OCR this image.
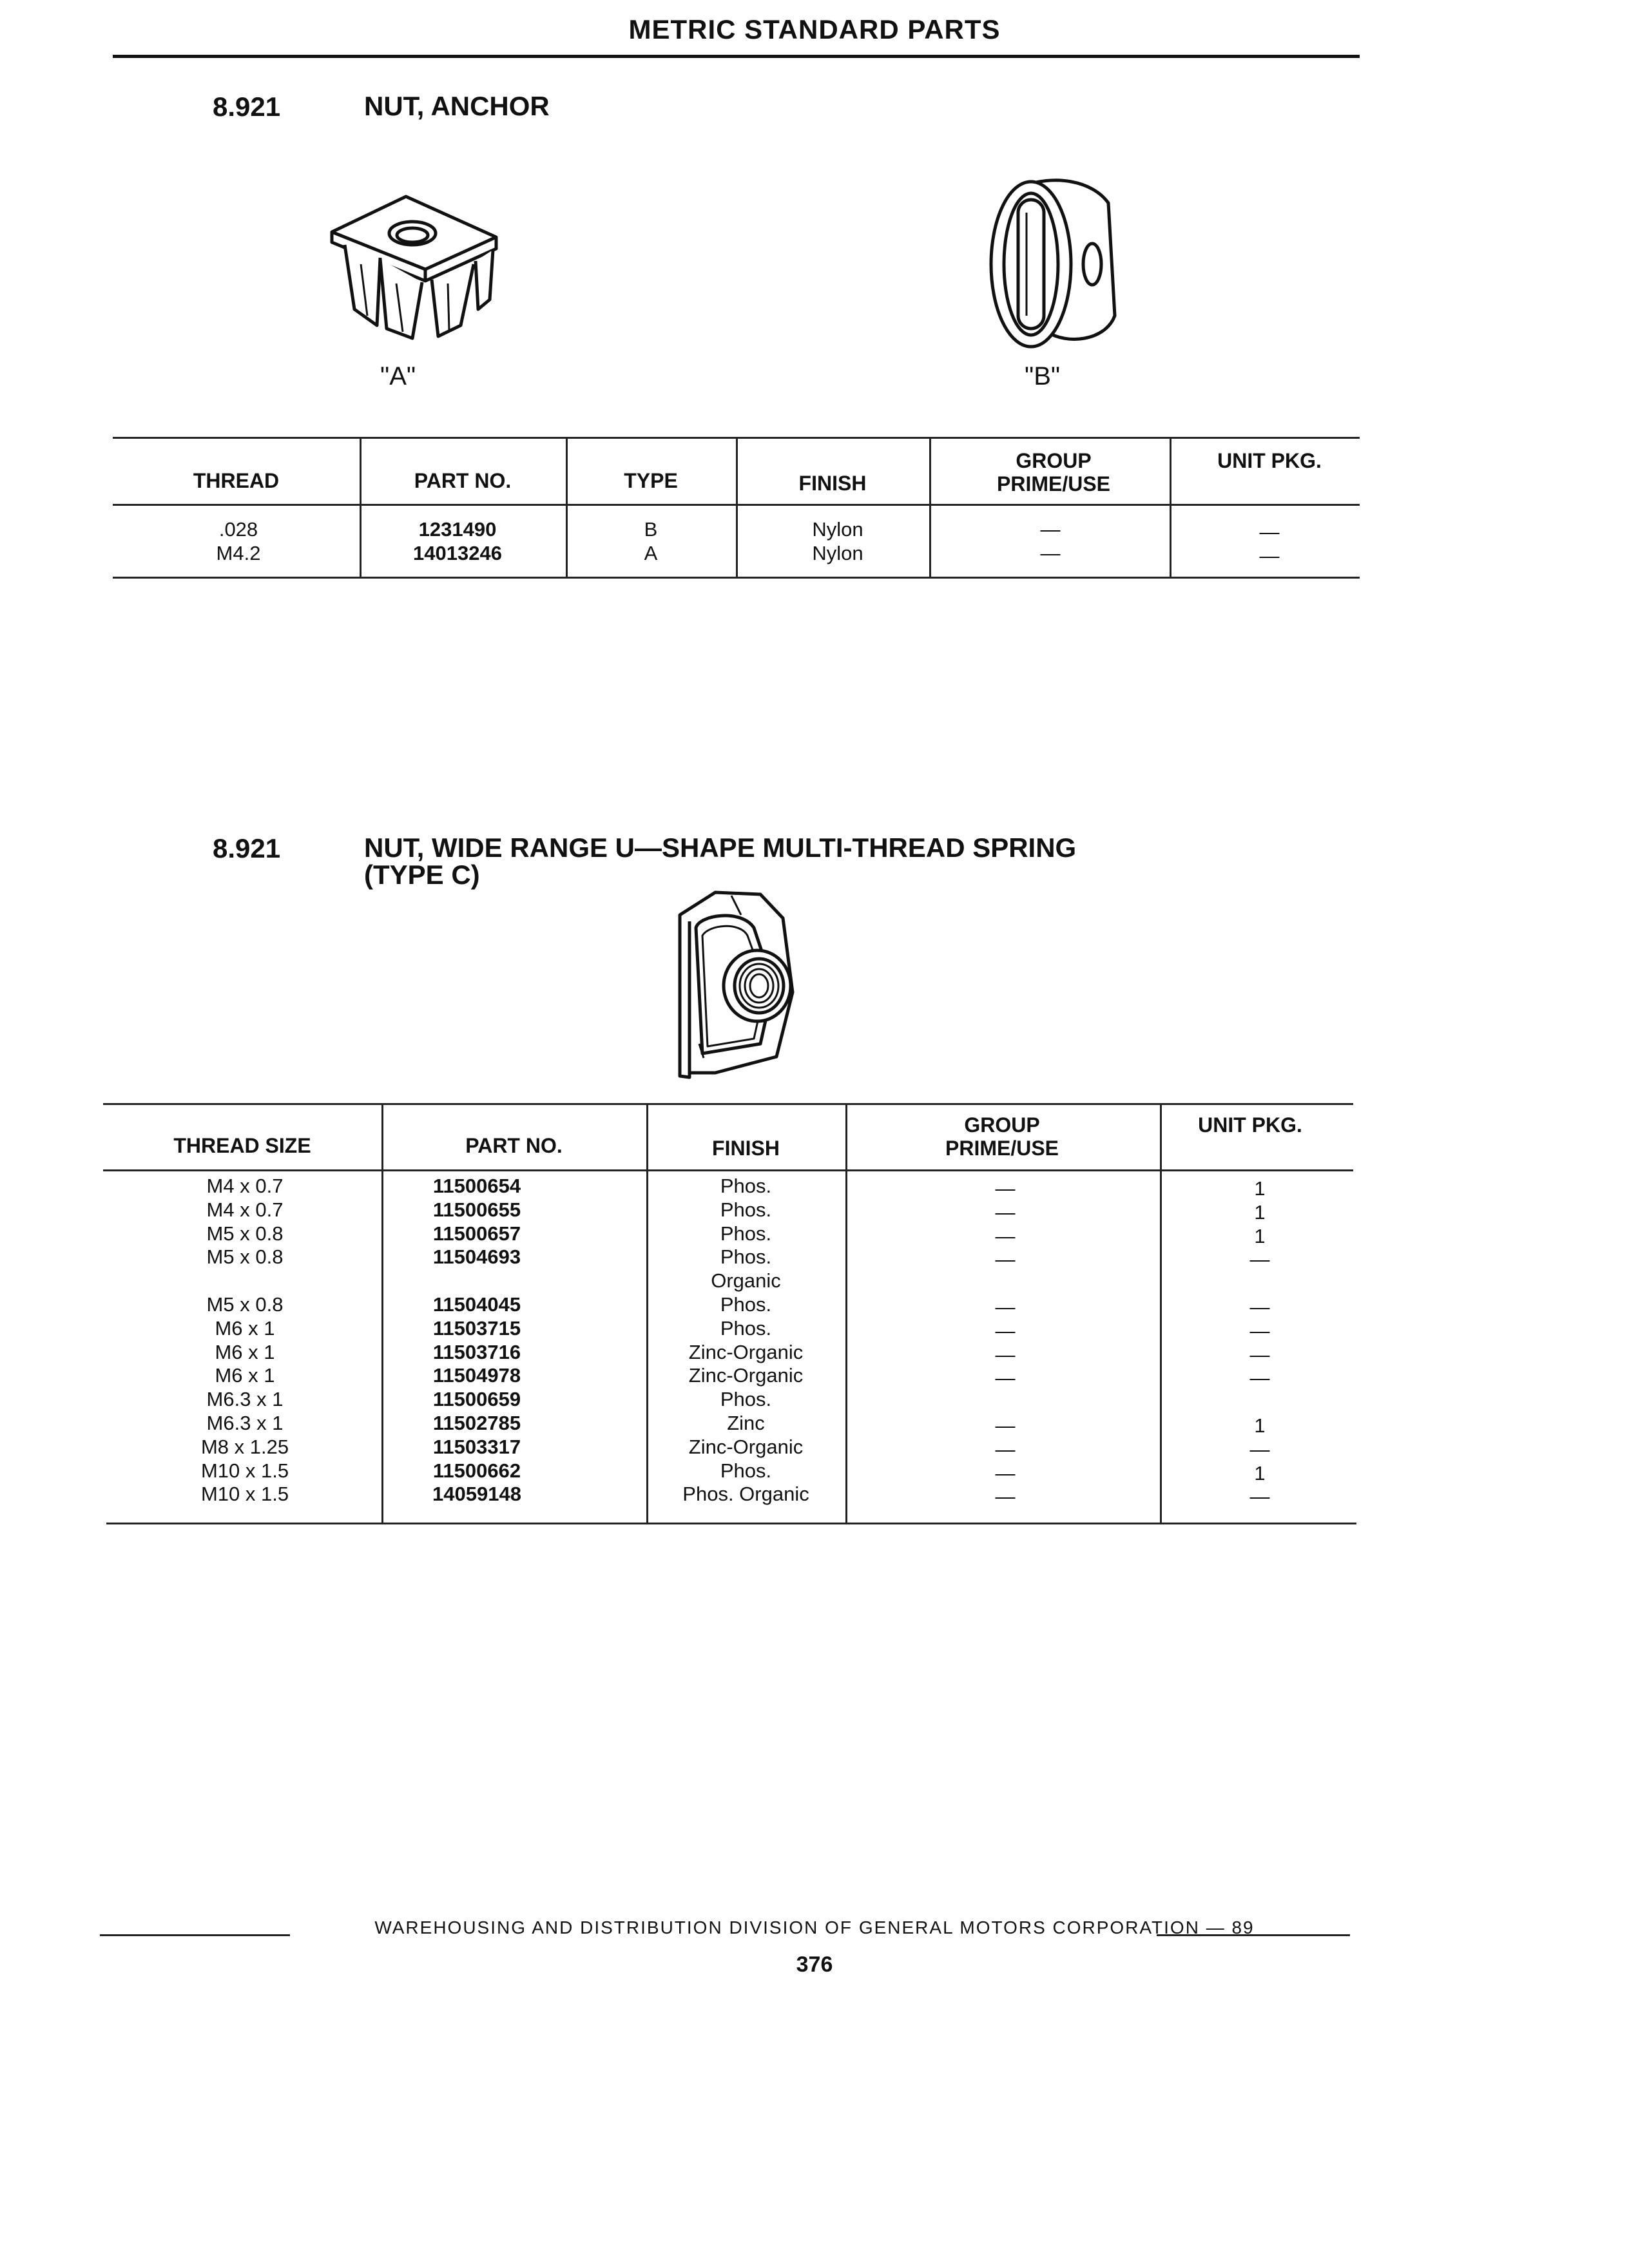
METRIC STANDARD PARTS
8.921	NUT, ANCHOR
"A"	"B"
THREAD	PART NO.	TYPE	FINISH
GROUP PRIME/USE
UNIT PKG.
.028	1231490	B	Nylon	—	—
M4.2	14013246	A	Nylon	—	—
8.921	NUT, WIDE RANGE U—SHAPE MULTI-THREAD SPRING
(TYPE C)
THREAD SIZE	PART NO.	FINISH
GROUP PRIME/USE
UNIT PKG.
M4 x 0.7	11500654	Phos.	—	1
M4 x 0.7	11500655	Phos.	—	1
M5 x 0.8	11500657	Phos.	—	1
M5 x 0.8	11504693	Phos.	—	—
Organic
M5 x 0.8	11504045	Phos.	—	—
M6 x 1	11503715	Phos.	—	—
M6 x 1	11503716	Zinc-Organic	—	—
M6 x 1	11504978	Zinc-Organic	—	—
M6.3 x 1	11500659	Phos.
M6.3 x 1	11502785	Zinc	—	1
M8 x 1.25	11503317	Zinc-Organic	—	—
M10 x 1.5	11500662	Phos.	—	1
M10 x 1.5	14059148	Phos. Organic	—	—
WAREHOUSING AND DISTRIBUTION DIVISION OF GENERAL MOTORS CORPORATION — 89
376
